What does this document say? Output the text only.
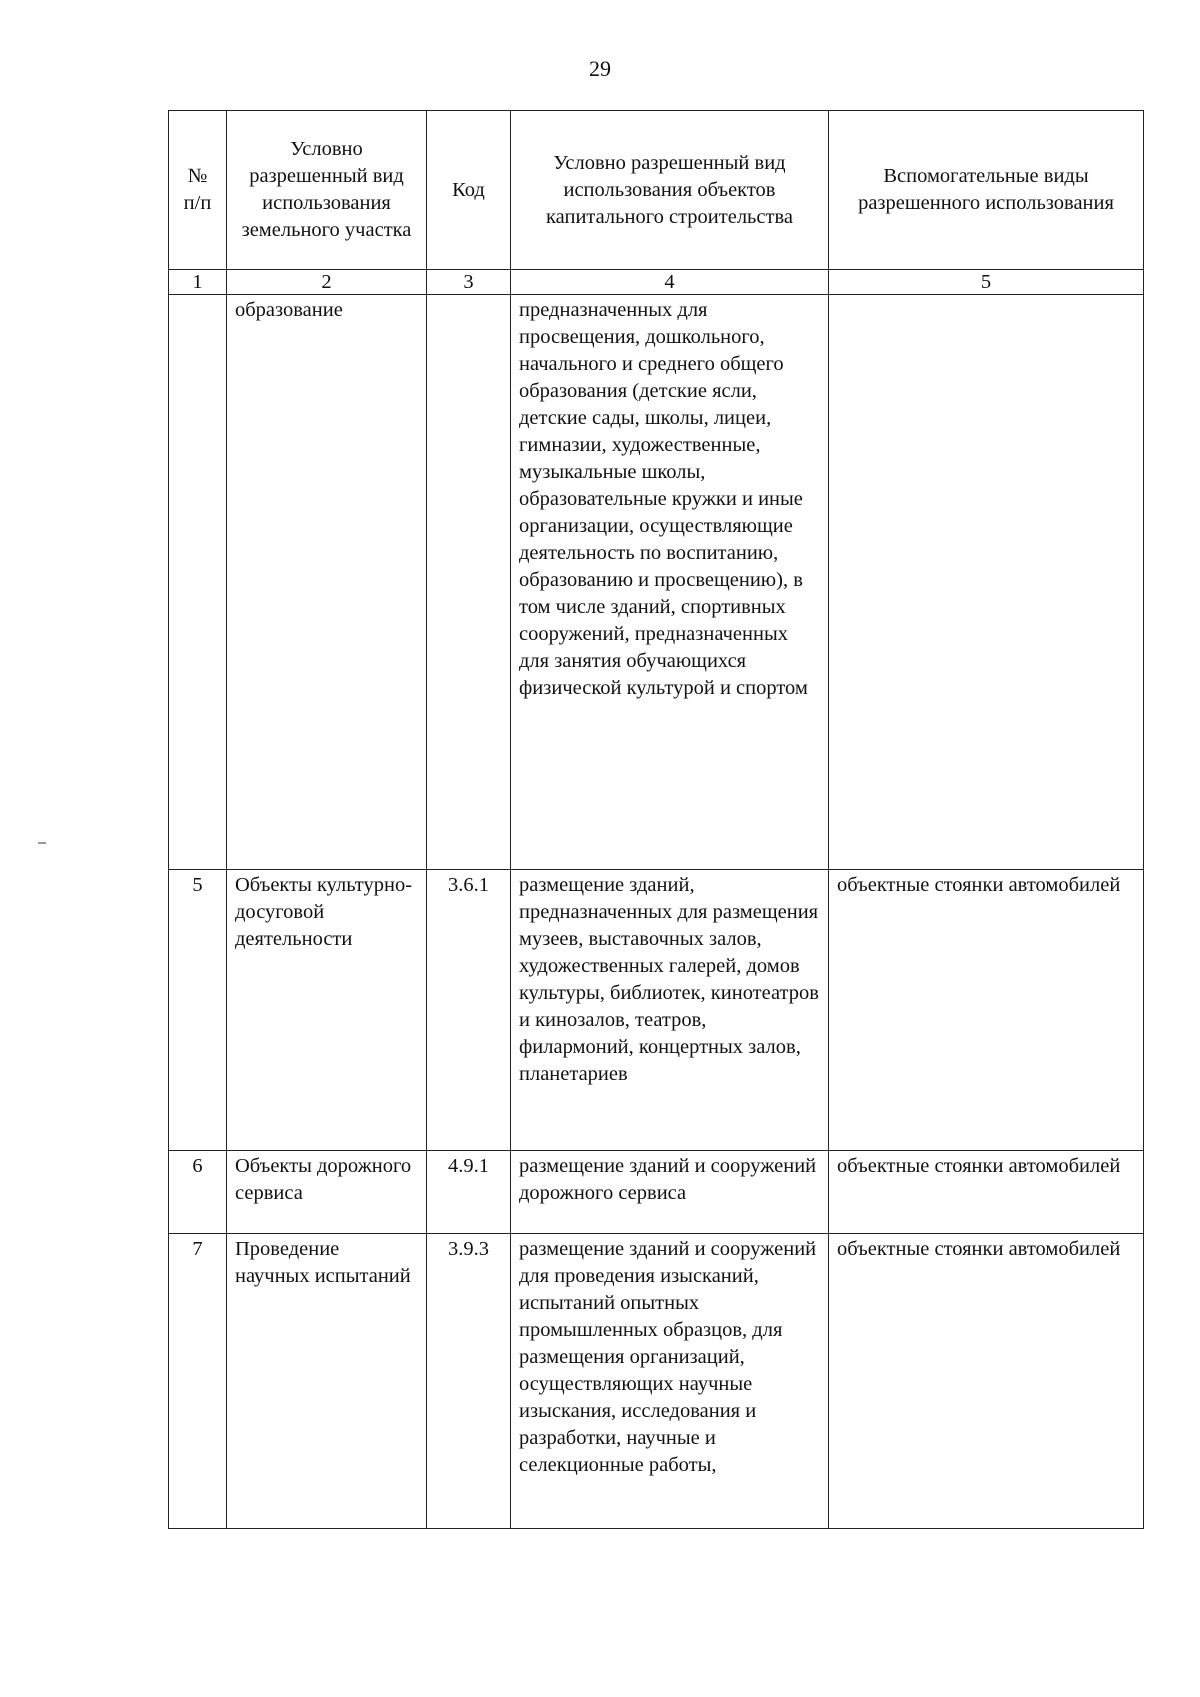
29
№ п/п	Условно разрешенный вид использования земельного участка	Код	Условно разрешенный вид использования объектов капитального строительства	Вспомогательные виды разрешенного использования
1	2	3	4	5
	образование		предназначенных для просвещения, дошкольного, начального и среднего общего образования (детские ясли, детские сады, школы, лицеи, гимназии, художественные, музыкальные школы, образовательные кружки и иные организации, осуществляющие деятельность по воспитанию, образованию и просвещению), в том числе зданий, спортивных сооружений, предназначенных для занятия обучающихся физической культурой и спортом	
5	Объекты культурно-досуговой деятельности	3.6.1	размещение зданий, предназначенных для размещения музеев, выставочных залов, художественных галерей, домов культуры, библиотек, кинотеатров и кинозалов, театров, филармоний, концертных залов, планетариев	объектные стоянки автомобилей
6	Объекты дорожного сервиса	4.9.1	размещение зданий и сооружений дорожного сервиса	объектные стоянки автомобилей
7	Проведение научных испытаний	3.9.3	размещение зданий и сооружений для проведения изысканий, испытаний опытных промышленных образцов, для размещения организаций, осуществляющих научные изыскания, исследования и разработки, научные и селекционные работы,	объектные стоянки автомобилей
